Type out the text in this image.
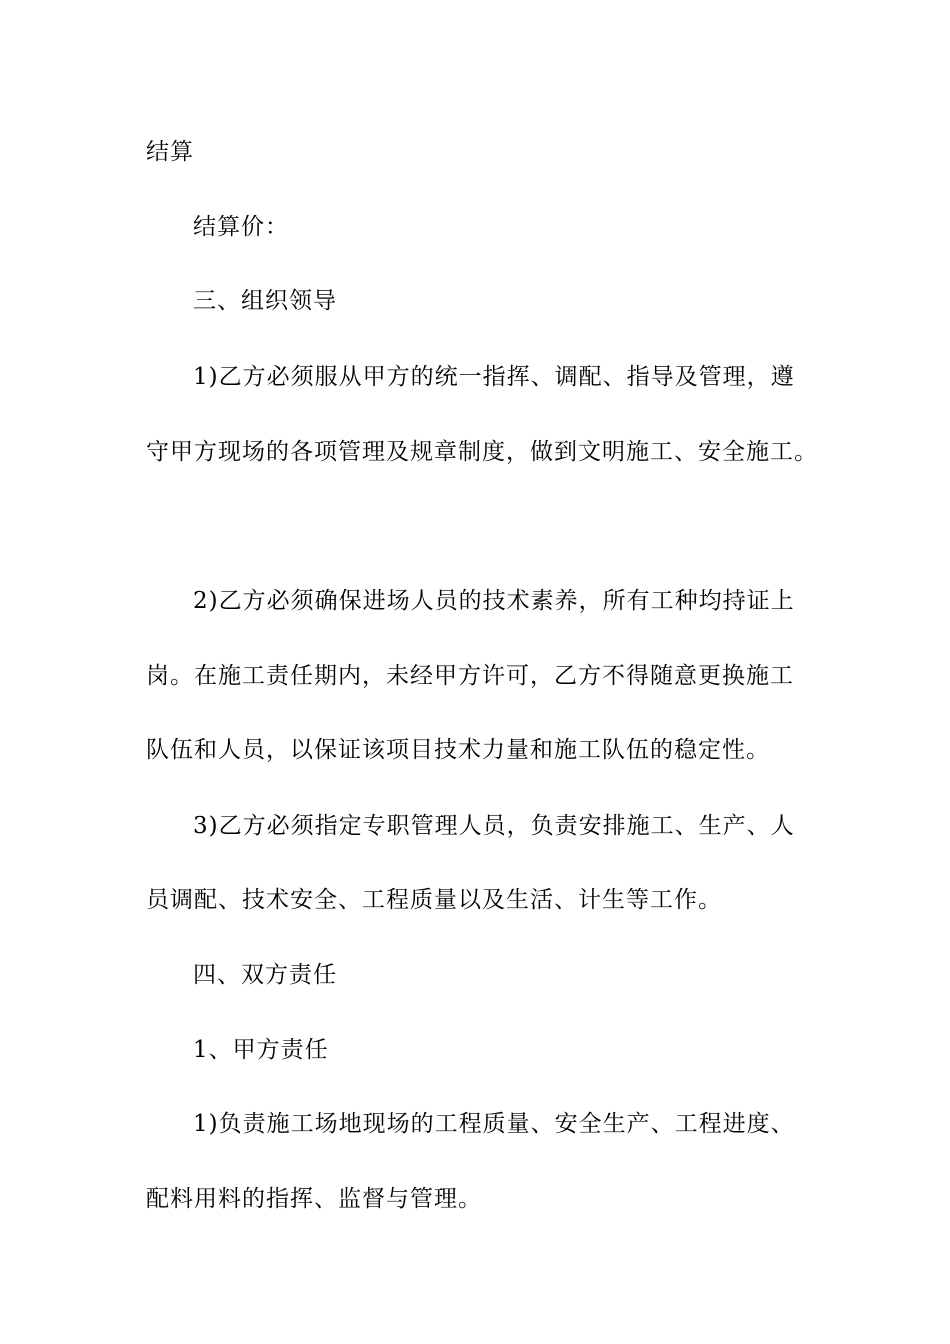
结算
结算价：
三、组织领导
1)乙方必须服从甲方的统一指挥、调配、指导及管理，遵
守甲方现场的各项管理及规章制度，做到文明施工、安全施工。
2)乙方必须确保进场人员的技术素养，所有工种均持证上
岗。在施工责任期内，未经甲方许可，乙方不得随意更换施工
队伍和人员，以保证该项目技术力量和施工队伍的稳定性。
3)乙方必须指定专职管理人员，负责安排施工、生产、人
员调配、技术安全、工程质量以及生活、计生等工作。
四、双方责任
1、甲方责任
1)负责施工场地现场的工程质量、安全生产、工程进度、
配料用料的指挥、监督与管理。
